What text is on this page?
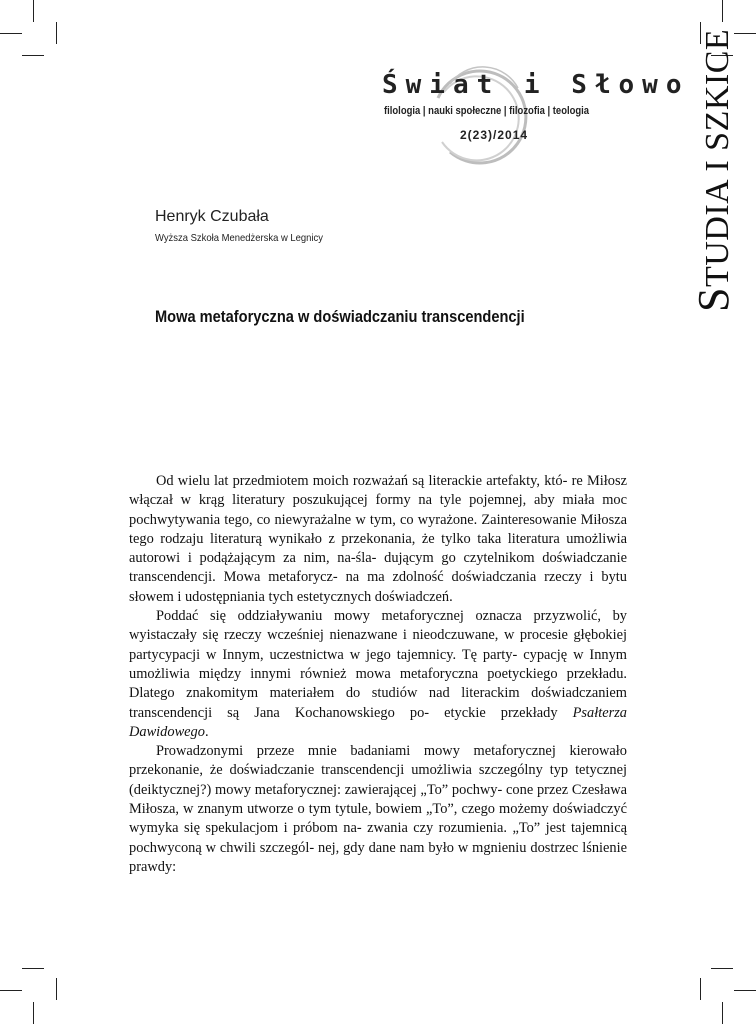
Świat i Słowo
filologia | nauki społeczne | filozofia | teologia
2(23)/2014
STUDIA I SZKICE
Henryk Czubała
Wyższa Szkoła Menedżerska w Legnicy
Mowa metaforyczna w doświadczaniu transcendencji

Od wielu lat przedmiotem moich rozważań są literackie artefakty, któ- re Miłosz włączał w krąg literatury poszukującej formy na tyle pojemnej, aby miała moc pochwytywania tego, co niewyrażalne w tym, co wyrażone. Zainteresowanie Miłosza tego rodzaju literaturą wynikało z przekonania, że tylko taka literatura umożliwia autorowi i podążającym za nim, na-śla- dującym go czytelnikom doświadczanie transcendencji. Mowa metaforycz- na ma zdolność doświadczania rzeczy i bytu słowem i udostępniania tych estetycznych doświadczeń.

Poddać się oddziaływaniu mowy metaforycznej oznacza przyzwolić, by wyistaczały się rzeczy wcześniej nienazwane i nieodczuwane, w procesie głębokiej partycypacji w Innym, uczestnictwa w jego tajemnicy. Tę party- cypację w Innym umożliwia między innymi również mowa metaforyczna poetyckiego przekładu. Dlatego znakomitym materiałem do studiów nad literackim doświadczaniem transcendencji są Jana Kochanowskiego po- etyckie przekłady Psałterza Dawidowego.

Prowadzonymi przeze mnie badaniami mowy metaforycznej kierowało przekonanie, że doświadczanie transcendencji umożliwia szczególny typ tetycznej (deiktycznej?) mowy metaforycznej: zawierającej „To” pochwy- cone przez Czesława Miłosza, w znanym utworze o tym tytule, bowiem „To”, czego możemy doświadczyć wymyka się spekulacjom i próbom na- zwania czy rozumienia. „To” jest tajemnicą pochwyconą w chwili szczegól- nej, gdy dane nam było w mgnieniu dostrzec lśnienie prawdy:
